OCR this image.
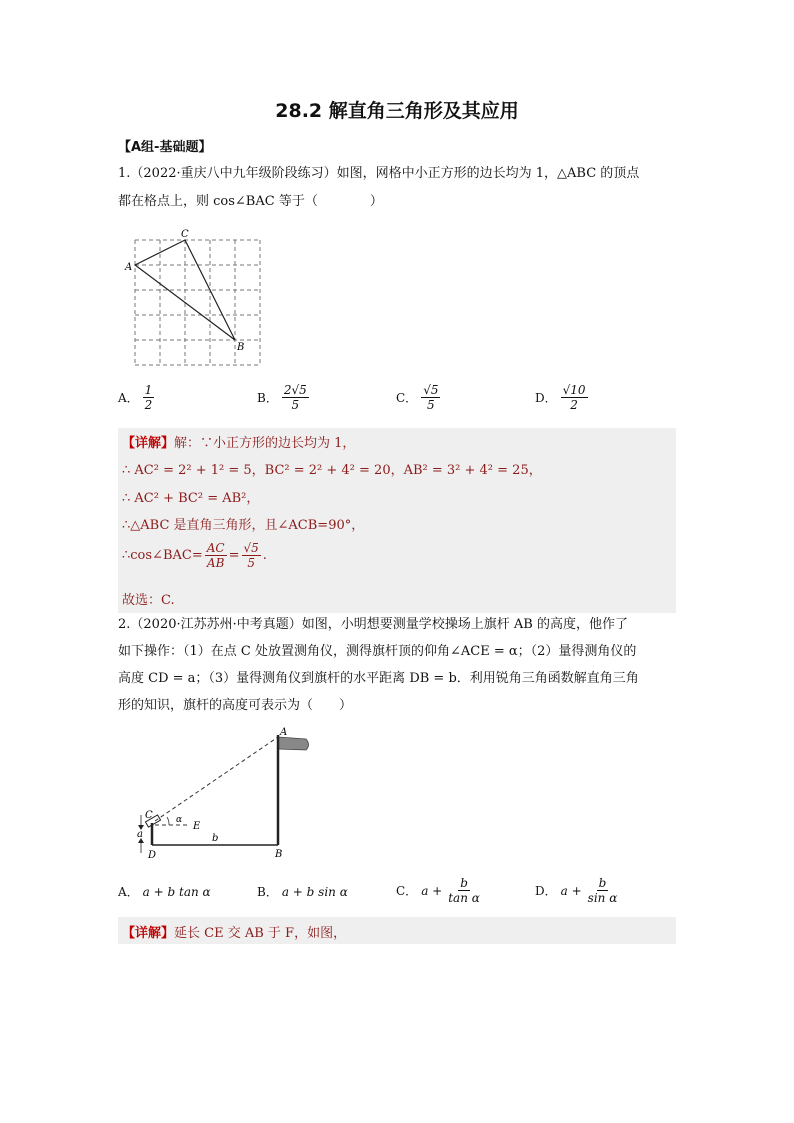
28.2 解直角三角形及其应用
【A组-基础题】
1.（2022·重庆八中九年级阶段练习）如图，网格中小正方形的边长均为 1，△ABC 的顶点
都在格点上，则 cos∠BAC 等于（　　　　）
A
C
B
A． $\frac{1}{2}$	B． $\frac{2√5}{5}$	C． $\frac{√5}{5}$	D． $\frac{√10}{2}$
【详解】解：∵小正方形的边长均为 1，
∴ AC² = 2² + 1² = 5，BC² = 2² + 4² = 20，AB² = 3² + 4² = 25，
∴ AC² + BC² = AB²，
∴△ABC 是直角三角形，且∠ACB=90°，
∴cos∠BAC= $\frac{AC}{AB} = \frac{√5}{5}$ .
故选：C.
2.（2020·江苏苏州·中考真题）如图，小明想要测量学校操场上旗杆 AB 的高度，他作了
如下操作：（1）在点 C 处放置测角仪，测得旗杆顶的仰角∠ACE = α；（2）量得测角仪的
高度 CD = a；（3）量得测角仪到旗杆的水平距离 DB = b．利用锐角三角函数解直角三角
形的知识，旗杆的高度可表示为（　　）
A
B
C
D
E
α
a	b
A． a + b tan α	B． a + b sin α	C． $a + \frac{b}{\text{tan α}}$	D． $a + \frac{b}{\text{sin α}}$
【详解】延长 CE 交 AB 于 F，如图，
